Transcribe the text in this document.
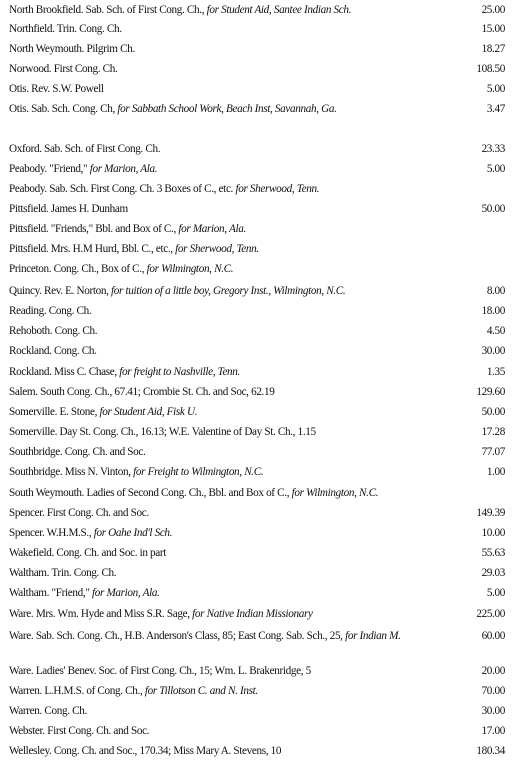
North Brookfield. Sab. Sch. of First Cong. Ch., for Student Aid, Santee Indian Sch.	25.00
Northfield. Trin. Cong. Ch.	15.00
North Weymouth. Pilgrim Ch.	18.27
Norwood. First Cong. Ch.	108.50
Otis. Rev. S.W. Powell	5.00
Otis. Sab. Sch. Cong. Ch, for Sabbath School Work, Beach Inst, Savannah, Ga.	3.47
Oxford. Sab. Sch. of First Cong. Ch.	23.33
Peabody. "Friend," for Marion, Ala.	5.00
Peabody. Sab. Sch. First Cong. Ch. 3 Boxes of C., etc. for Sherwood, Tenn.
Pittsfield. James H. Dunham	50.00
Pittsfield. "Friends," Bbl. and Box of C., for Marion, Ala.
Pittsfield. Mrs. H.M Hurd, Bbl. C., etc., for Sherwood, Tenn.
Princeton. Cong. Ch., Box of C., for Wilmington, N.C.
Quincy. Rev. E. Norton, for tuition of a little boy, Gregory Inst., Wilmington, N.C.	8.00
Reading. Cong. Ch.	18.00
Rehoboth. Cong. Ch.	4.50
Rockland. Cong. Ch.	30.00
Rockland. Miss C. Chase, for freight to Nashville, Tenn.	1.35
Salem. South Cong. Ch., 67.41; Crombie St. Ch. and Soc, 62.19	129.60
Somerville. E. Stone, for Student Aid, Fisk U.	50.00
Somerville. Day St. Cong. Ch., 16.13; W.E. Valentine of Day St. Ch., 1.15	17.28
Southbridge. Cong. Ch. and Soc.	77.07
Southbridge. Miss N. Vinton, for Freight to Wilmington, N.C.	1.00
South Weymouth. Ladies of Second Cong. Ch., Bbl. and Box of C., for Wilmington, N.C.
Spencer. First Cong. Ch. and Soc.	149.39
Spencer. W.H.M.S., for Oahe Ind'l Sch.	10.00
Wakefield. Cong. Ch. and Soc. in part	55.63
Waltham. Trin. Cong. Ch.	29.03
Waltham. "Friend," for Marion, Ala.	5.00
Ware. Mrs. Wm. Hyde and Miss S.R. Sage, for Native Indian Missionary	225.00
Ware. Sab. Sch. Cong. Ch., H.B. Anderson's Class, 85; East Cong. Sab. Sch., 25, for Indian M.	60.00
Ware. Ladies' Benev. Soc. of First Cong. Ch., 15; Wm. L. Brakenridge, 5	20.00
Warren. L.H.M.S. of Cong. Ch., for Tillotson C. and N. Inst.	70.00
Warren. Cong. Ch.	30.00
Webster. First Cong. Ch. and Soc.	17.00
Wellesley. Cong. Ch. and Soc., 170.34; Miss Mary A. Stevens, 10	180.34
